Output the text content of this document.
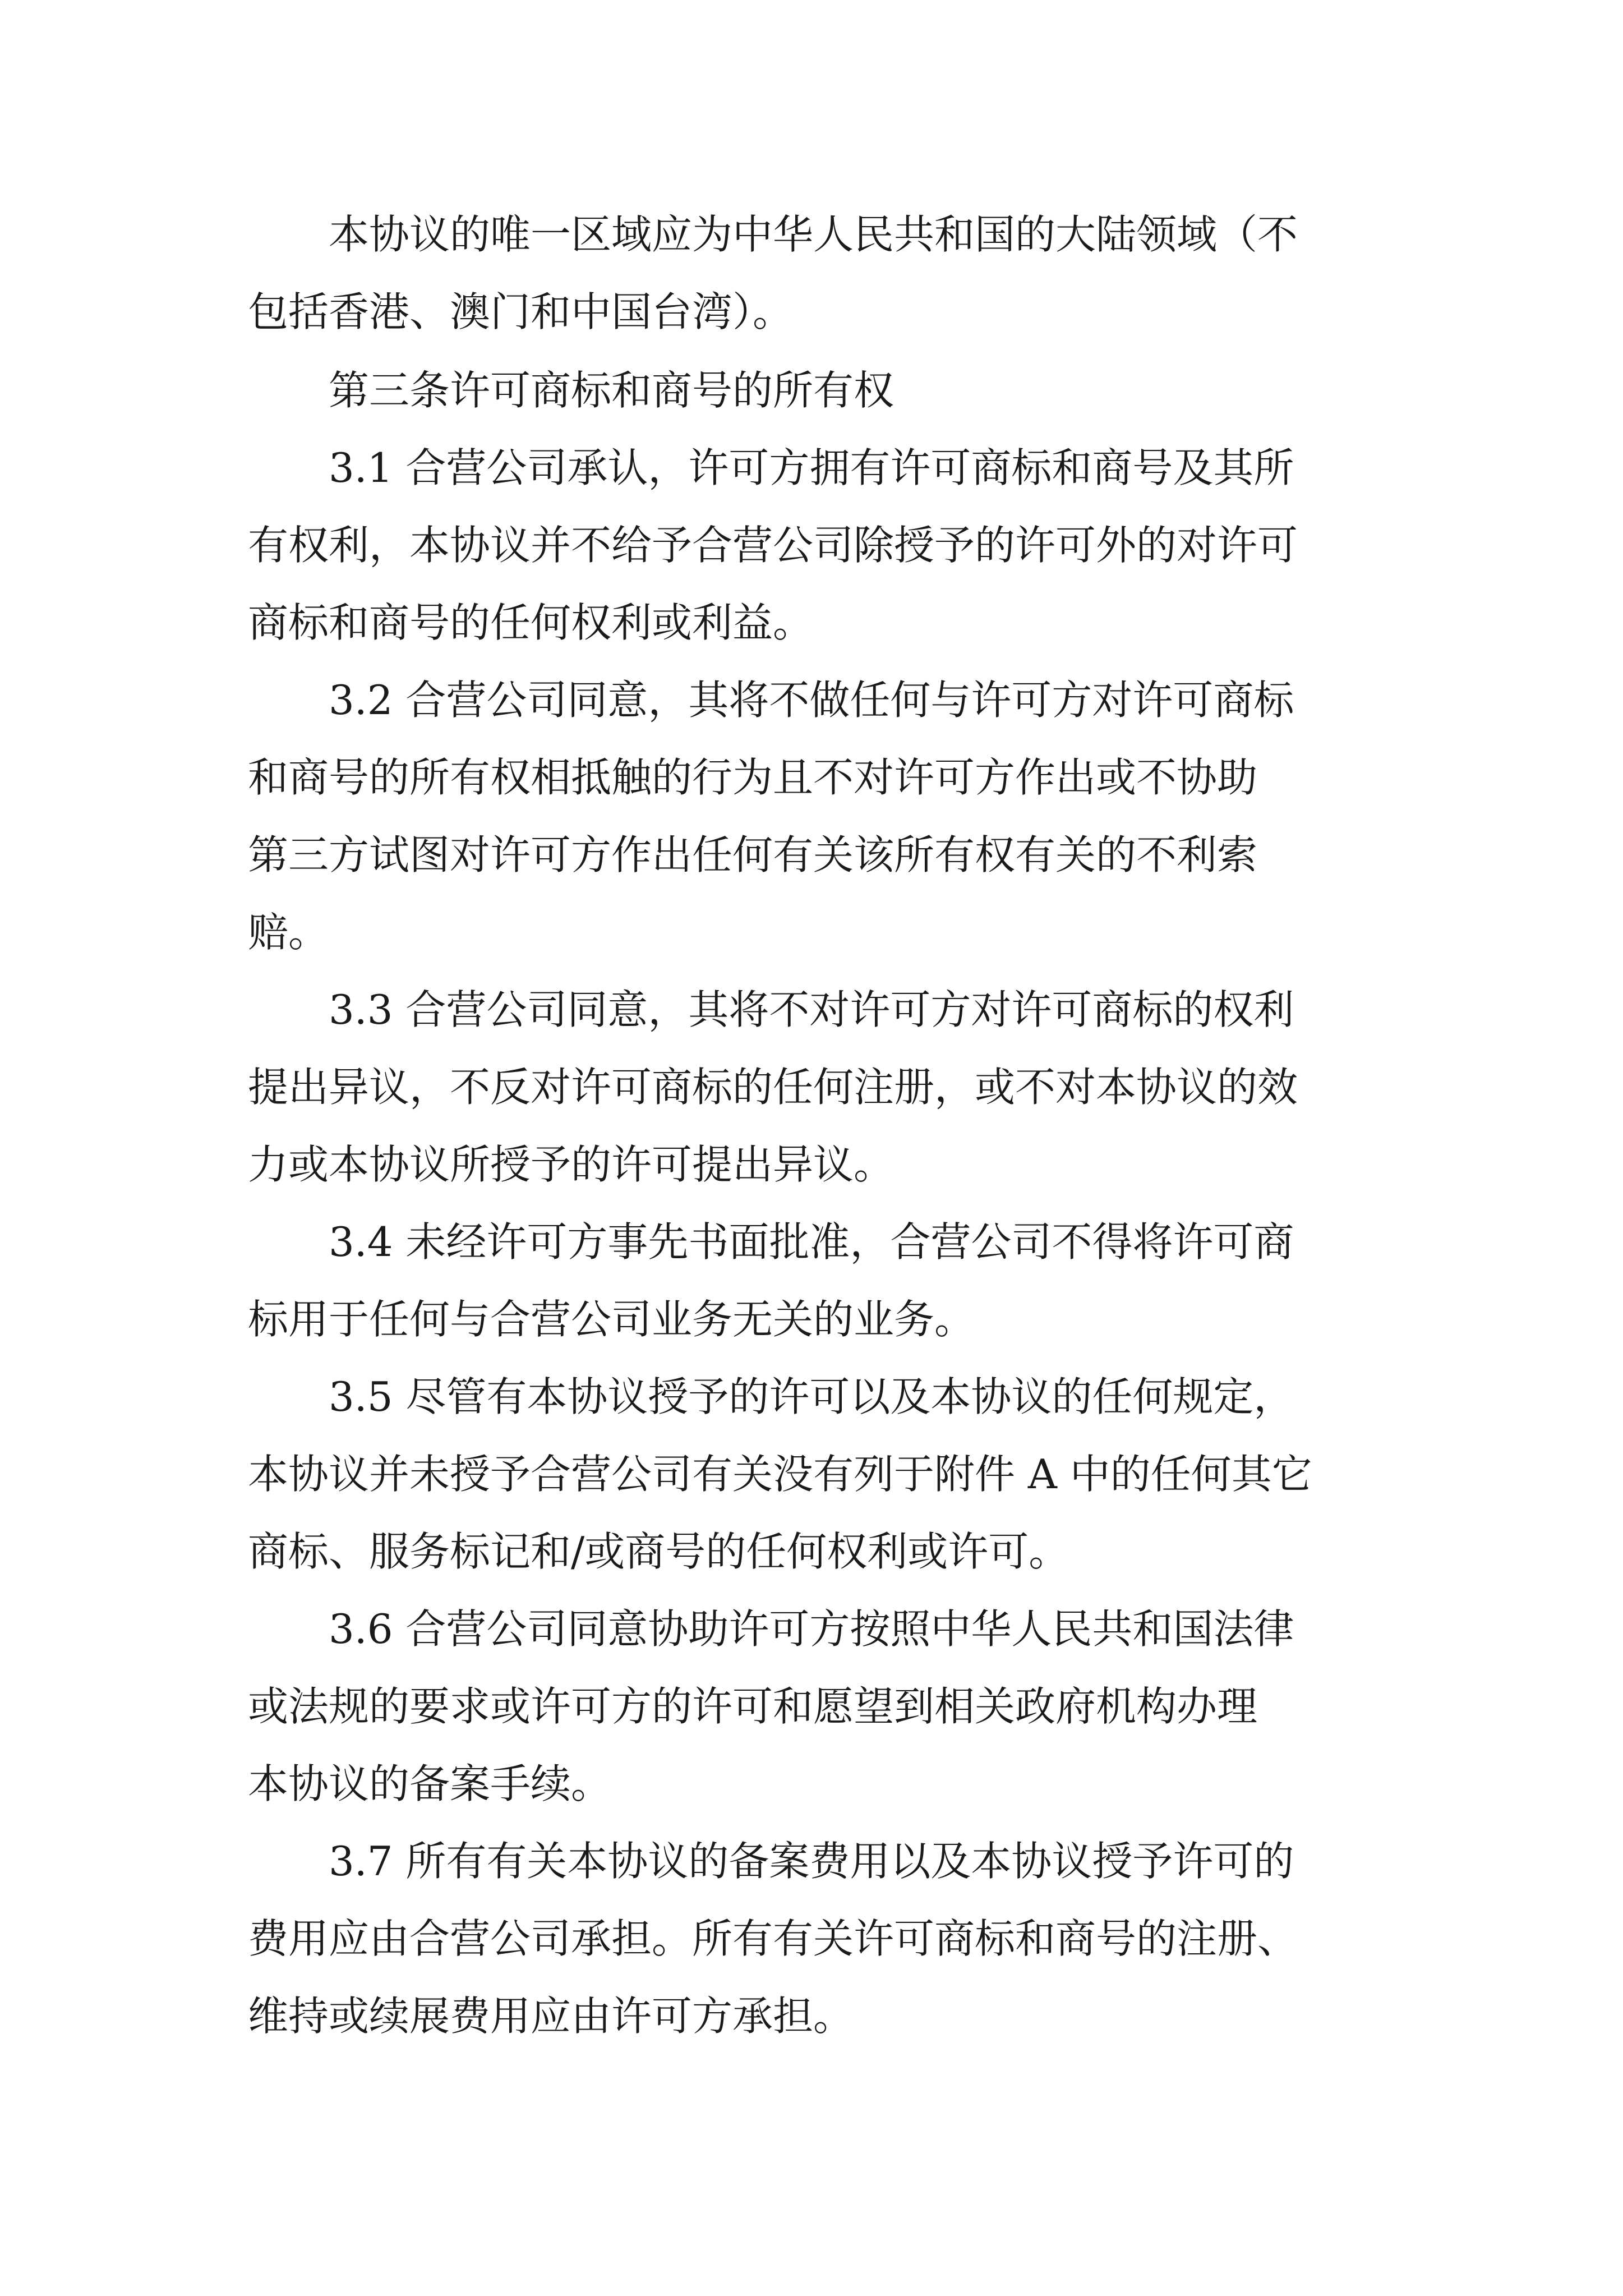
　　本协议的唯一区域应为中华人民共和国的大陆领域（不

包括香港、澳门和中国台湾）。

　　第三条许可商标和商号的所有权

　　3.1 合营公司承认，许可方拥有许可商标和商号及其所

有权利，本协议并不给予合营公司除授予的许可外的对许可

商标和商号的任何权利或利益。

　　3.2 合营公司同意，其将不做任何与许可方对许可商标

和商号的所有权相抵触的行为且不对许可方作出或不协助

第三方试图对许可方作出任何有关该所有权有关的不利索

赔。

　　3.3 合营公司同意，其将不对许可方对许可商标的权利

提出异议，不反对许可商标的任何注册，或不对本协议的效

力或本协议所授予的许可提出异议。

　　3.4 未经许可方事先书面批准，合营公司不得将许可商

标用于任何与合营公司业务无关的业务。

　　3.5 尽管有本协议授予的许可以及本协议的任何规定，

本协议并未授予合营公司有关没有列于附件 A 中的任何其它

商标、服务标记和/或商号的任何权利或许可。

　　3.6 合营公司同意协助许可方按照中华人民共和国法律

或法规的要求或许可方的许可和愿望到相关政府机构办理

本协议的备案手续。

　　3.7 所有有关本协议的备案费用以及本协议授予许可的

费用应由合营公司承担。所有有关许可商标和商号的注册、

维持或续展费用应由许可方承担。
